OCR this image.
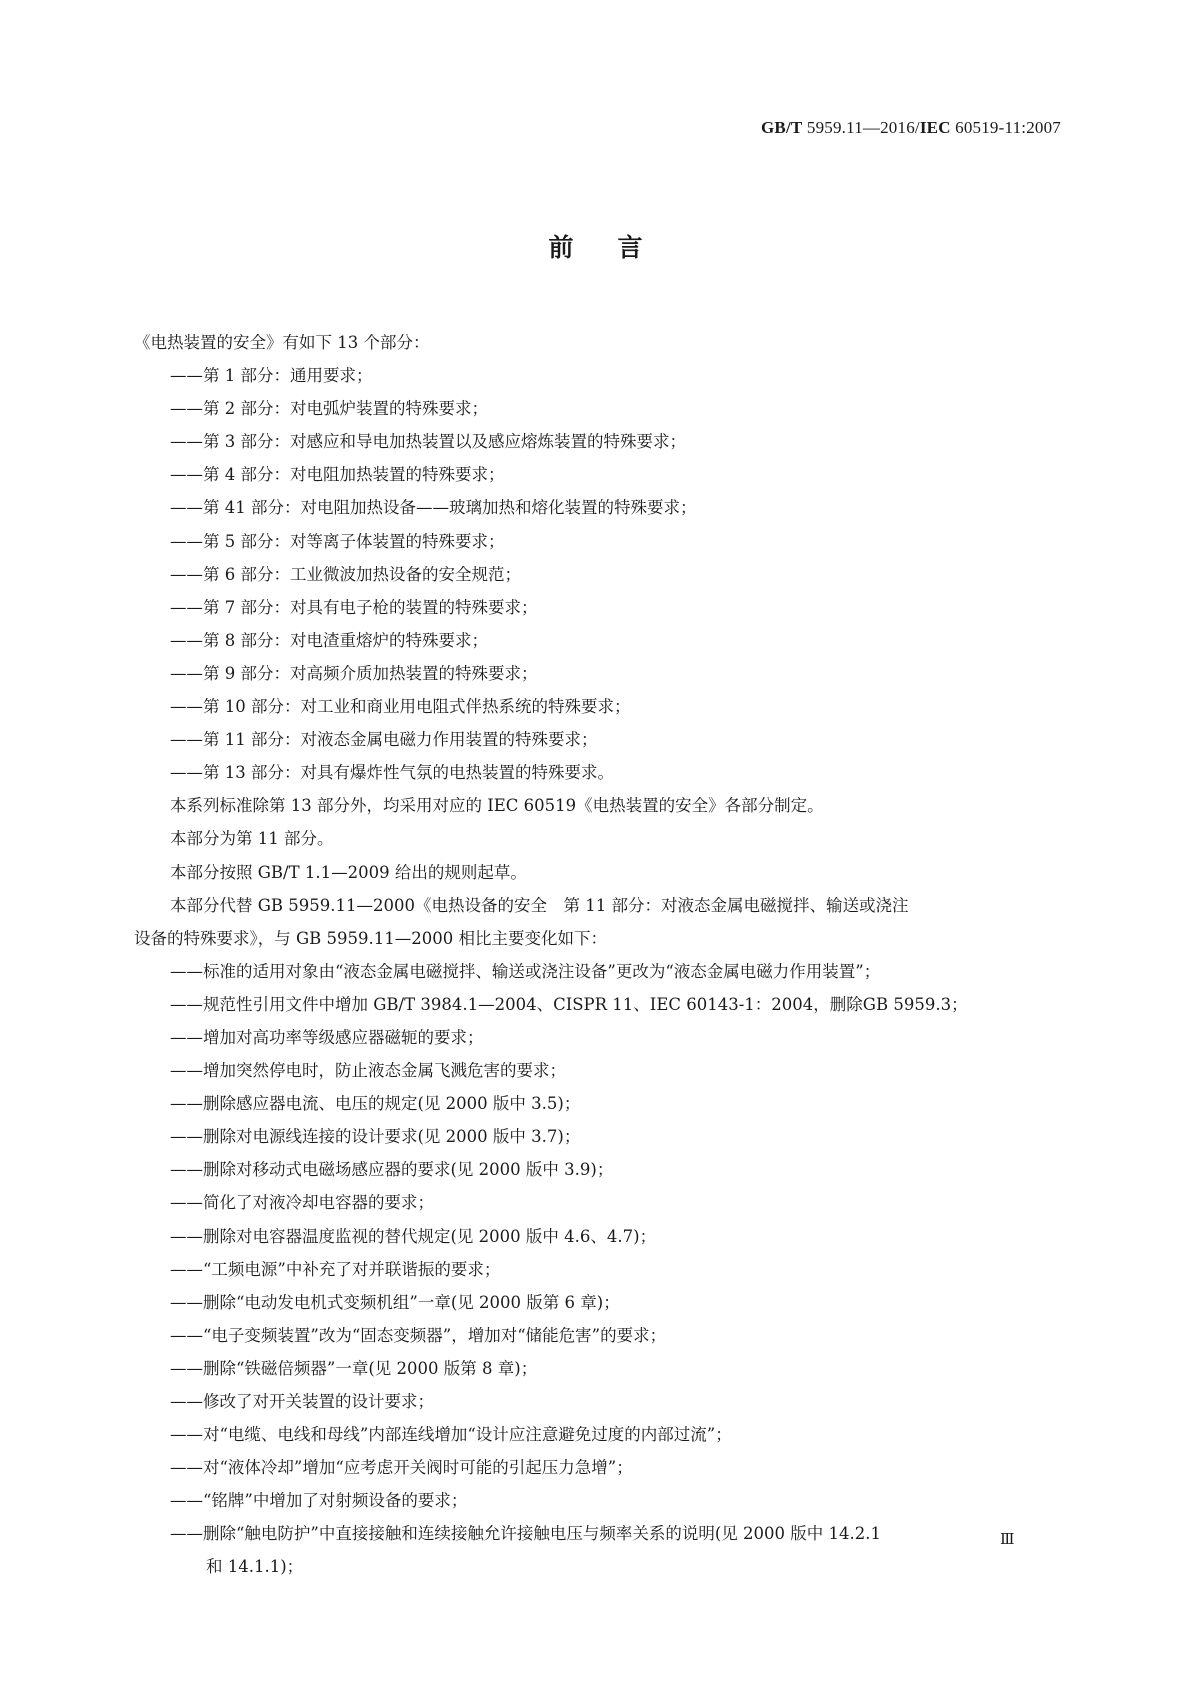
GB/T 5959.11—2016/IEC 60519-11:2007
前言
《电热装置的安全》有如下 13 个部分：
——第 1 部分：通用要求；
——第 2 部分：对电弧炉装置的特殊要求；
——第 3 部分：对感应和导电加热装置以及感应熔炼装置的特殊要求；
——第 4 部分：对电阻加热装置的特殊要求；
——第 41 部分：对电阻加热设备——玻璃加热和熔化装置的特殊要求；
——第 5 部分：对等离子体装置的特殊要求；
——第 6 部分：工业微波加热设备的安全规范；
——第 7 部分：对具有电子枪的装置的特殊要求；
——第 8 部分：对电渣重熔炉的特殊要求；
——第 9 部分：对高频介质加热装置的特殊要求；
——第 10 部分：对工业和商业用电阻式伴热系统的特殊要求；
——第 11 部分：对液态金属电磁力作用装置的特殊要求；
——第 13 部分：对具有爆炸性气氛的电热装置的特殊要求。
本系列标准除第 13 部分外，均采用对应的 IEC 60519《电热装置的安全》各部分制定。
本部分为第 11 部分。
本部分按照 GB/T 1.1—2009 给出的规则起草。
本部分代替 GB 5959.11—2000《电热设备的安全　第 11 部分：对液态金属电磁搅拌、输送或浇注
设备的特殊要求》，与 GB 5959.11—2000 相比主要变化如下：
——标准的适用对象由“液态金属电磁搅拌、输送或浇注设备”更改为“液态金属电磁力作用装置”；
——规范性引用文件中增加 GB/T 3984.1—2004、CISPR 11、IEC 60143-1：2004，删除GB 5959.3；
——增加对高功率等级感应器磁轭的要求；
——增加突然停电时，防止液态金属飞溅危害的要求；
——删除感应器电流、电压的规定(见 2000 版中 3.5)；
——删除对电源线连接的设计要求(见 2000 版中 3.7)；
——删除对移动式电磁场感应器的要求(见 2000 版中 3.9)；
——简化了对液冷却电容器的要求；
——删除对电容器温度监视的替代规定(见 2000 版中 4.6、4.7)；
——“工频电源”中补充了对并联谐振的要求；
——删除“电动发电机式变频机组”一章(见 2000 版第 6 章)；
——“电子变频装置”改为“固态变频器”，增加对“储能危害”的要求；
——删除“铁磁倍频器”一章(见 2000 版第 8 章)；
——修改了对开关装置的设计要求；
——对“电缆、电线和母线”内部连线增加“设计应注意避免过度的内部过流”；
——对“液体冷却”增加“应考虑开关阀时可能的引起压力急增”；
——“铭牌”中增加了对射频设备的要求；
——删除“触电防护”中直接接触和连续接触允许接触电压与频率关系的说明(见 2000 版中 14.2.1
和 14.1.1)；
Ⅲ
